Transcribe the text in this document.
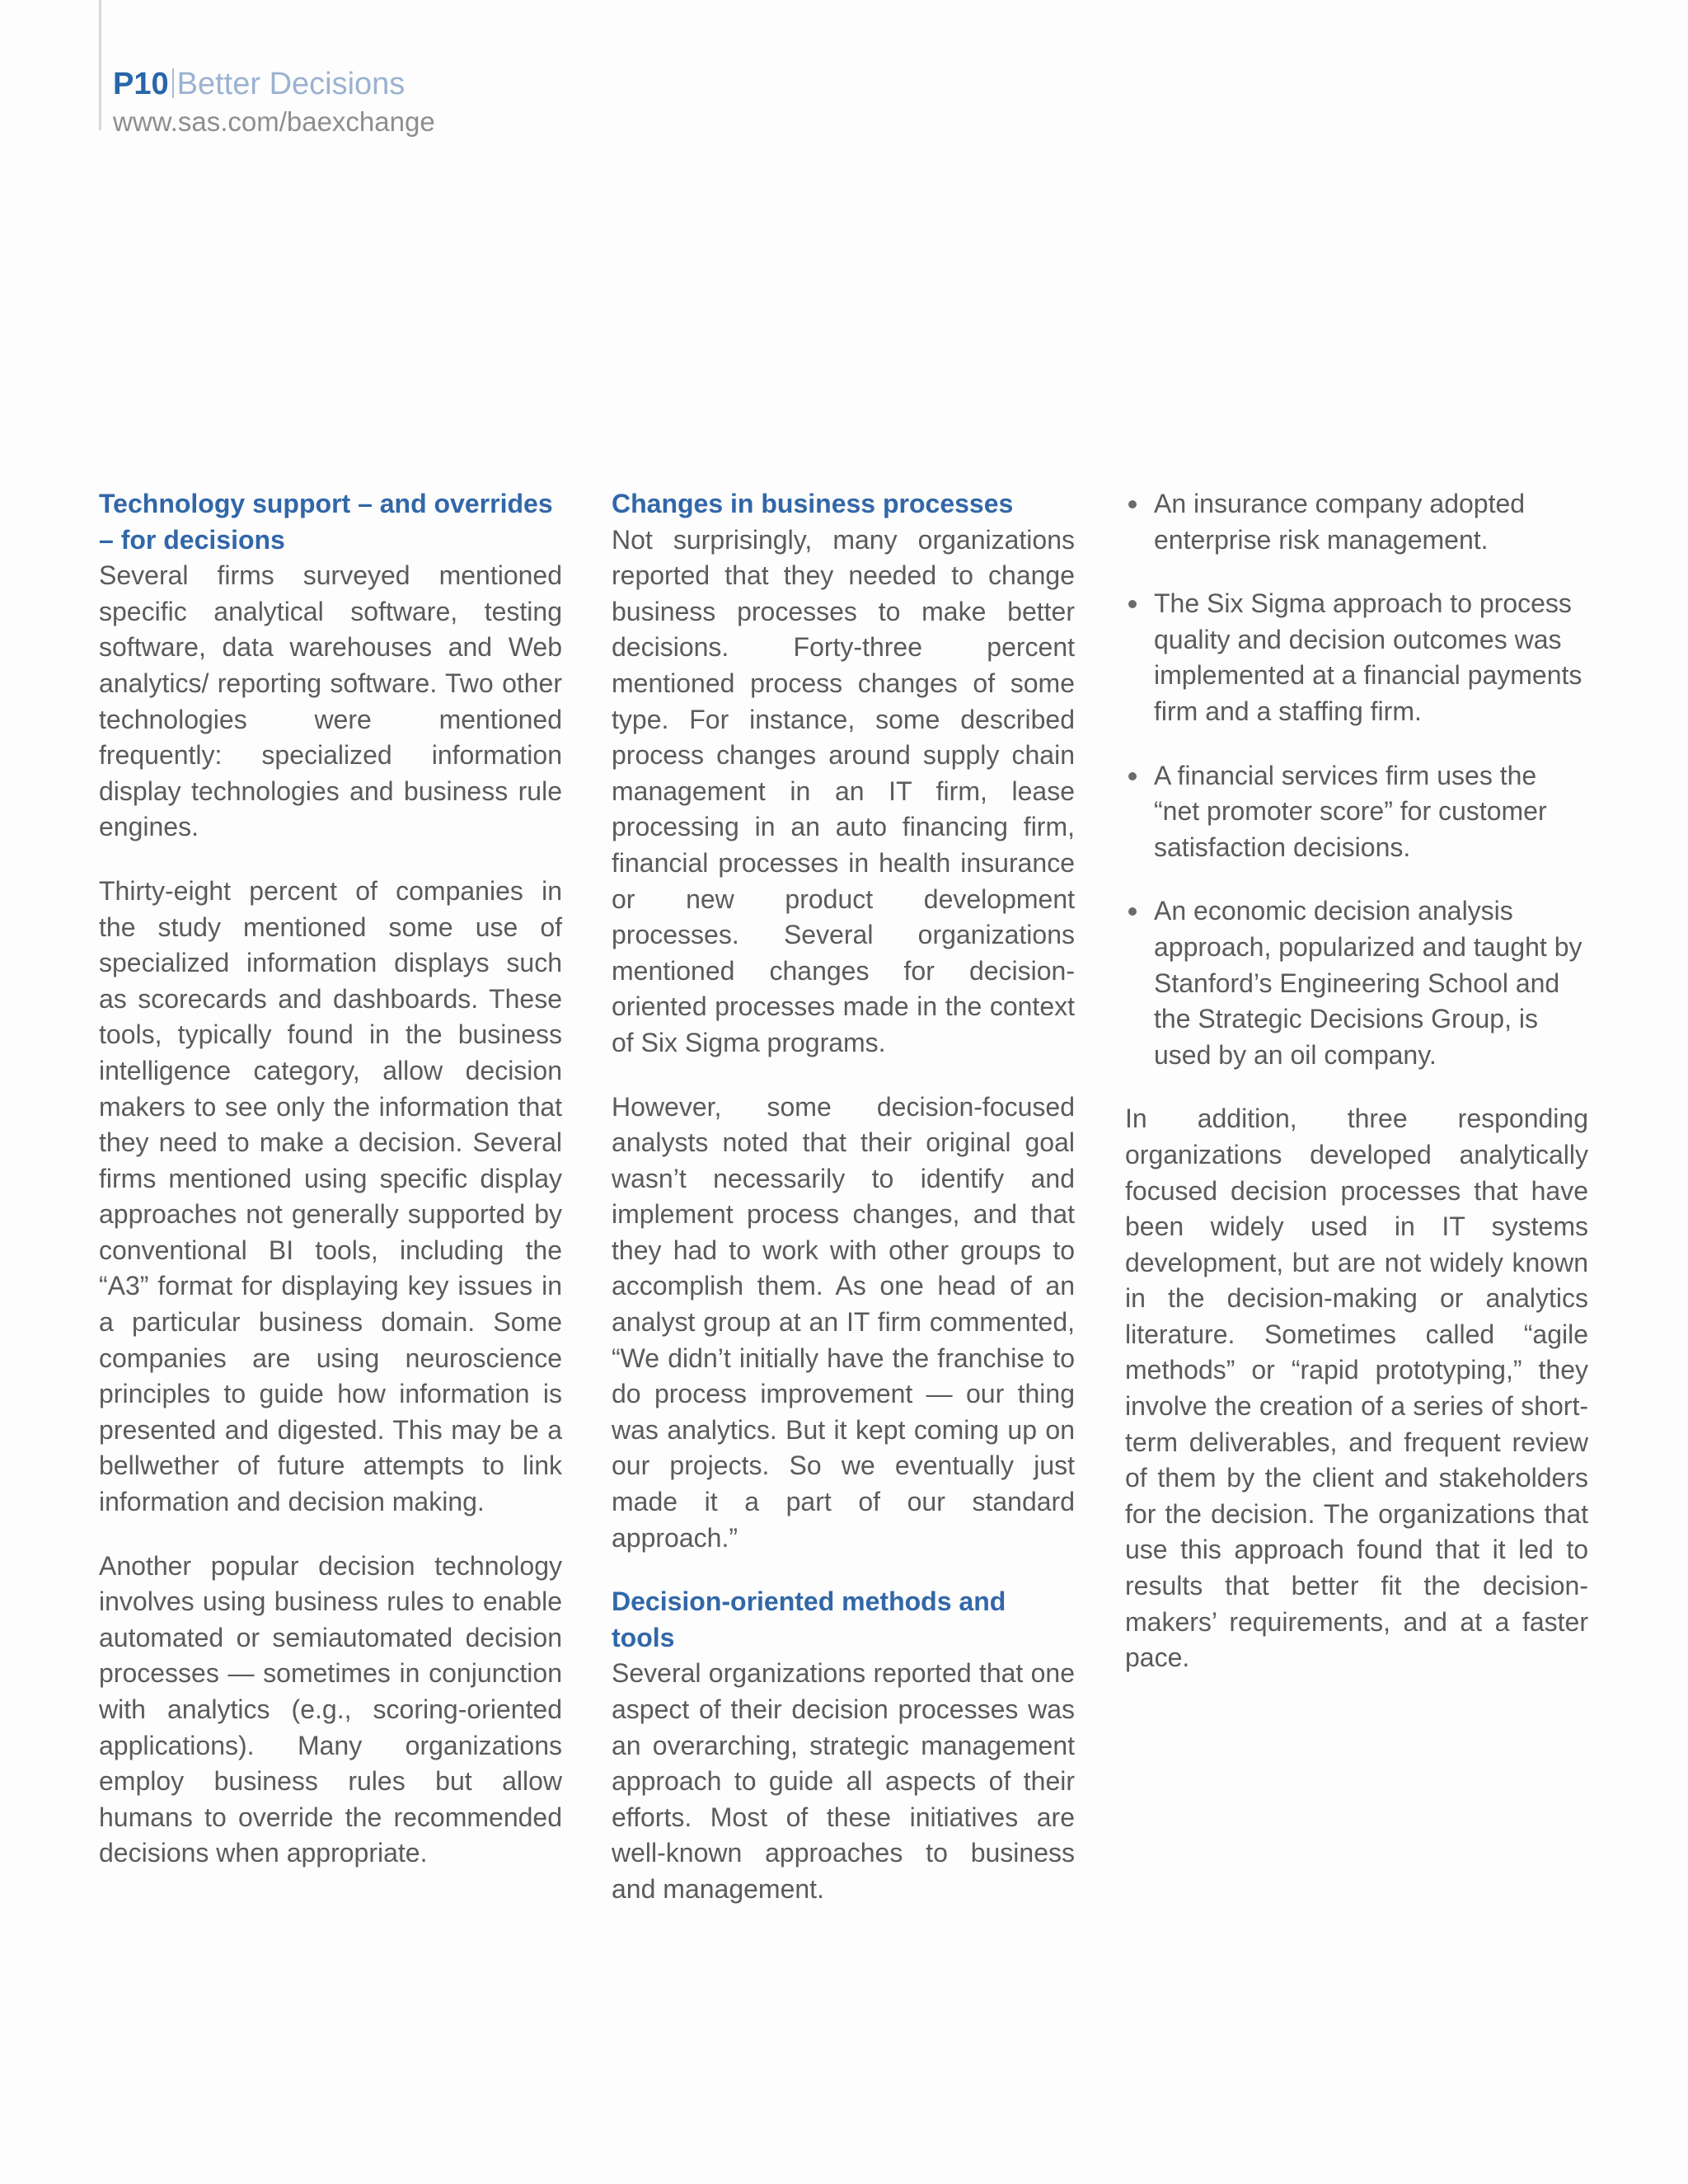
P10 Better Decisions
www.sas.com/baexchange
Technology support – and overrides – for decisions

Several firms surveyed mentioned specific analytical software, testing software, data warehouses and Web analytics/ reporting software. Two other technologies were mentioned frequently: specialized information display technologies and business rule engines.

Thirty-eight percent of companies in the study mentioned some use of specialized information displays such as scorecards and dashboards. These tools, typically found in the business intelligence category, allow decision makers to see only the information that they need to make a decision. Several firms mentioned using specific display approaches not generally supported by conventional BI tools, including the “A3” format for displaying key issues in a particular business domain. Some companies are using neuroscience principles to guide how information is presented and digested. This may be a bellwether of future attempts to link information and decision making.

Another popular decision technology involves using business rules to enable automated or semiautomated decision processes — sometimes in conjunction with analytics (e.g., scoring-oriented applications). Many organizations employ business rules but allow humans to override the recommended decisions when appropriate.

Changes in business processes

Not surprisingly, many organizations reported that they needed to change business processes to make better decisions. Forty-three percent mentioned process changes of some type. For instance, some described process changes around supply chain management in an IT firm, lease processing in an auto financing firm, financial processes in health insurance or new product development processes. Several organizations mentioned changes for decision-oriented processes made in the context of Six Sigma programs.

However, some decision-focused analysts noted that their original goal wasn’t necessarily to identify and implement process changes, and that they had to work with other groups to accomplish them. As one head of an analyst group at an IT firm commented, “We didn’t initially have the franchise to do process improvement — our thing was analytics. But it kept coming up on our projects. So we eventually just made it a part of our standard approach.”

Decision-oriented methods and tools

Several organizations reported that one aspect of their decision processes was an overarching, strategic management approach to guide all aspects of their efforts. Most of these initiatives are well-known approaches to business and management.

An insurance company adopted enterprise risk management.
The Six Sigma approach to process quality and decision outcomes was implemented at a financial payments firm and a staffing firm.
A financial services firm uses the “net promoter score” for customer satisfaction decisions.
An economic decision analysis approach, popularized and taught by Stanford’s Engineering School and the Strategic Decisions Group, is used by an oil company.

In addition, three responding organizations developed analytically focused decision processes that have been widely used in IT systems development, but are not widely known in the decision-making or analytics literature. Sometimes called “agile methods” or “rapid prototyping,” they involve the creation of a series of short-term deliverables, and frequent review of them by the client and stakeholders for the decision. The organizations that use this approach found that it led to results that better fit the decision-makers’ requirements, and at a faster pace.
